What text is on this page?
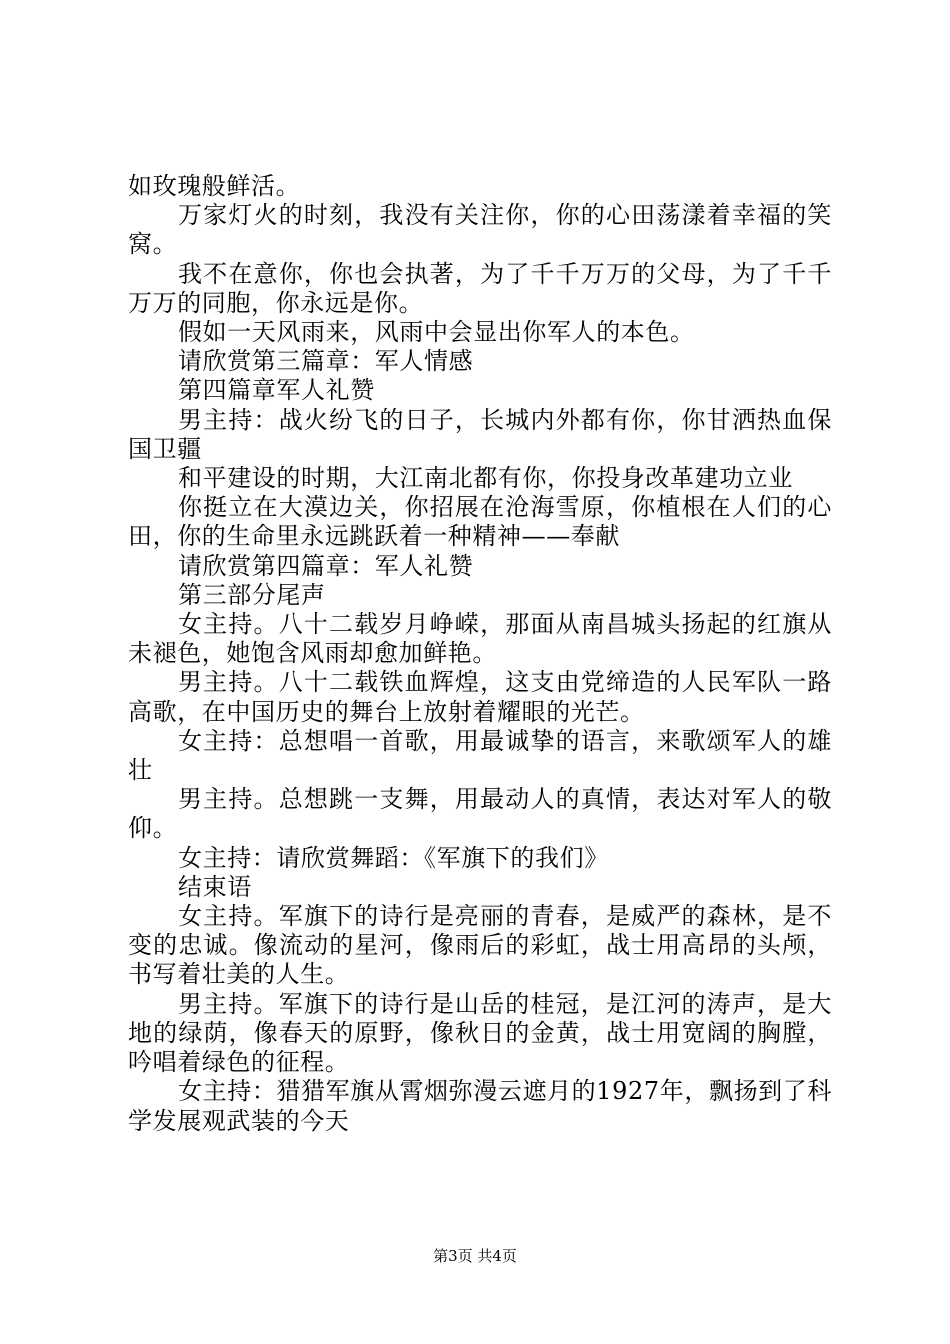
如玫瑰般鲜活。

万家灯火的时刻，我没有关注你，你的心田荡漾着幸福的笑窝。

我不在意你，你也会执著，为了千千万万的父母，为了千千万万的同胞，你永远是你。

假如一天风雨来，风雨中会显出你军人的本色。

请欣赏第三篇章：军人情感

第四篇章军人礼赞

男主持：战火纷飞的日子，长城内外都有你，你甘洒热血保国卫疆

和平建设的时期，大江南北都有你，你投身改革建功立业

你挺立在大漠边关，你招展在沧海雪原，你植根在人们的心田，你的生命里永远跳跃着一种精神——奉献

请欣赏第四篇章：军人礼赞

第三部分尾声

女主持。八十二载岁月峥嵘，那面从南昌城头扬起的红旗从未褪色，她饱含风雨却愈加鲜艳。

男主持。八十二载铁血辉煌，这支由党缔造的人民军队一路高歌，在中国历史的舞台上放射着耀眼的光芒。

女主持：总想唱一首歌，用最诚挚的语言，来歌颂军人的雄壮

男主持。总想跳一支舞，用最动人的真情，表达对军人的敬仰。

女主持：请欣赏舞蹈：《军旗下的我们》

结束语

女主持。军旗下的诗行是亮丽的青春，是威严的森林，是不变的忠诚。像流动的星河，像雨后的彩虹，战士用高昂的头颅，书写着壮美的人生。

男主持。军旗下的诗行是山岳的桂冠，是江河的涛声，是大地的绿荫，像春天的原野，像秋日的金黄，战士用宽阔的胸膛，吟唱着绿色的征程。

女主持：猎猎军旗从霄烟弥漫云遮月的1927年，飘扬到了科学发展观武装的今天

第3页 共4页
